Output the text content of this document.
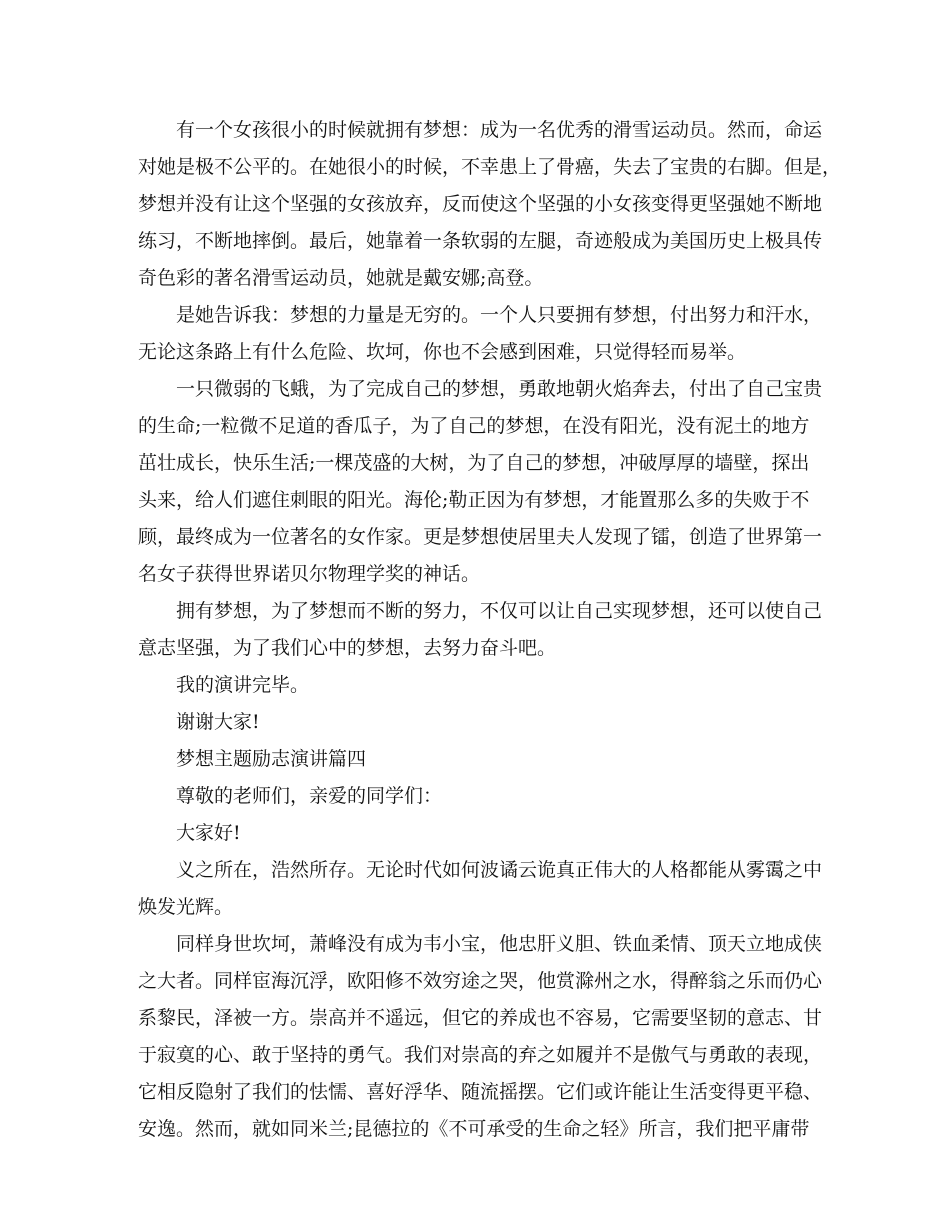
有一个女孩很小的时候就拥有梦想：成为一名优秀的滑雪运动员。然而，命运
对她是极不公平的。在她很小的时候，不幸患上了骨癌，失去了宝贵的右脚。但是，
梦想并没有让这个坚强的女孩放弃，反而使这个坚强的小女孩变得更坚强她不断地
练习，不断地摔倒。最后，她靠着一条软弱的左腿，奇迹般成为美国历史上极具传
奇色彩的著名滑雪运动员，她就是戴安娜;高登。
是她告诉我：梦想的力量是无穷的。一个人只要拥有梦想，付出努力和汗水，
无论这条路上有什么危险、坎坷，你也不会感到困难，只觉得轻而易举。
一只微弱的飞蛾，为了完成自己的梦想，勇敢地朝火焰奔去，付出了自己宝贵
的生命;一粒微不足道的香瓜子，为了自己的梦想，在没有阳光，没有泥土的地方
茁壮成长，快乐生活;一棵茂盛的大树，为了自己的梦想，冲破厚厚的墙壁，探出
头来，给人们遮住刺眼的阳光。海伦;勒正因为有梦想，才能置那么多的失败于不
顾，最终成为一位著名的女作家。更是梦想使居里夫人发现了镭，创造了世界第一
名女子获得世界诺贝尔物理学奖的神话。
拥有梦想，为了梦想而不断的努力，不仅可以让自己实现梦想，还可以使自己
意志坚强，为了我们心中的梦想，去努力奋斗吧。
我的演讲完毕。
谢谢大家!
梦想主题励志演讲篇四
尊敬的老师们，亲爱的同学们：
大家好!
义之所在，浩然所存。无论时代如何波谲云诡真正伟大的人格都能从雾霭之中
焕发光辉。
同样身世坎坷，萧峰没有成为韦小宝，他忠肝义胆、铁血柔情、顶天立地成侠
之大者。同样宦海沉浮，欧阳修不效穷途之哭，他赏滁州之水，得醉翁之乐而仍心
系黎民，泽被一方。崇高并不遥远，但它的养成也不容易，它需要坚韧的意志、甘
于寂寞的心、敢于坚持的勇气。我们对崇高的弃之如履并不是傲气与勇敢的表现，
它相反隐射了我们的怯懦、喜好浮华、随流摇摆。它们或许能让生活变得更平稳、
安逸。然而，就如同米兰;昆德拉的《不可承受的生命之轻》所言，我们把平庸带
